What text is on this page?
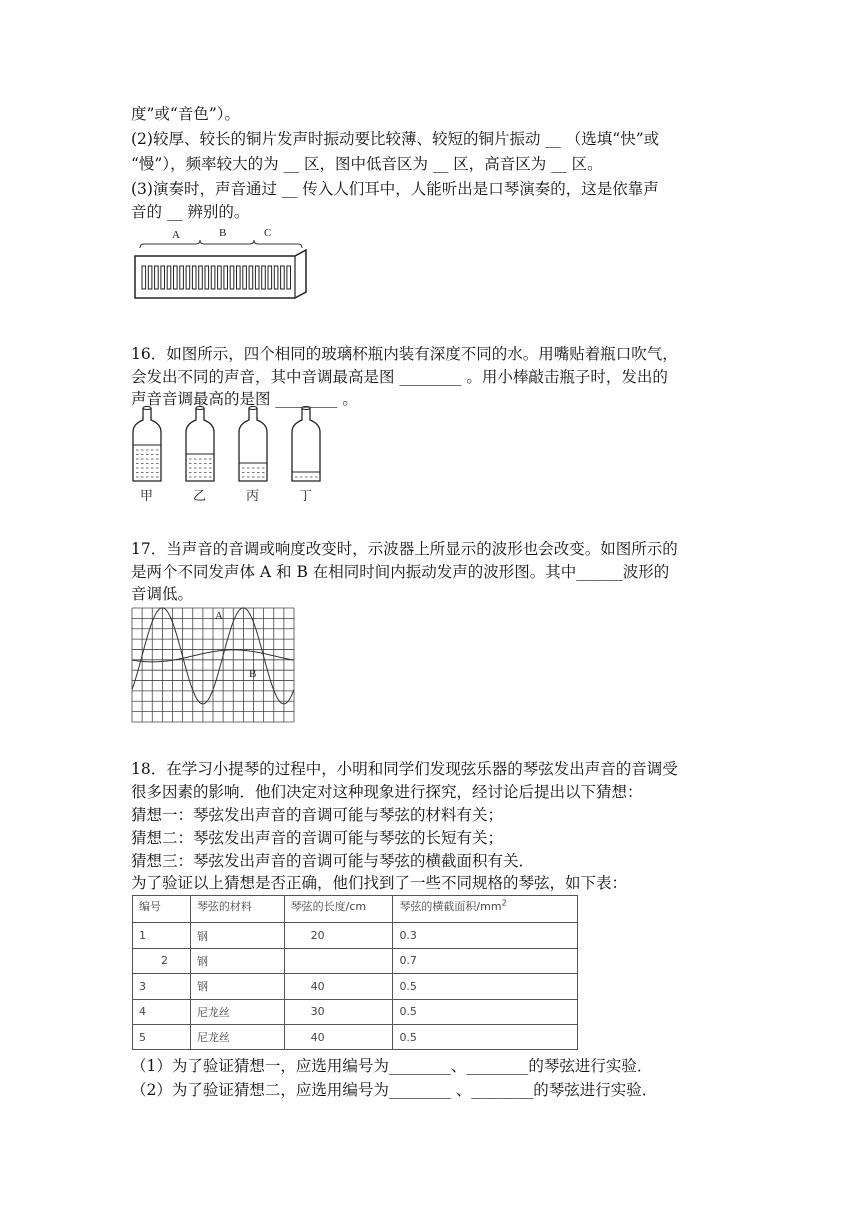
度”或“音色”）。
(2)较厚、较长的铜片发声时振动要比较薄、较短的铜片振动 __ （选填“快”或
“慢”），频率较大的为 __ 区，图中低音区为 __ 区，高音区为 __ 区。
(3)演奏时，声音通过 __ 传入人们耳中，人能听出是口琴演奏的，这是依靠声
音的 __ 辨别的。
A	B	C
16．如图所示，四个相同的玻璃杯瓶内装有深度不同的水。用嘴贴着瓶口吹气，
会发出不同的声音，其中音调最高是图 ________ 。用小棒敲击瓶子时，发出的
声音音调最高的是图 ________ 。
甲	乙	丙	丁
17．当声音的音调或响度改变时，示波器上所显示的波形也会改变。如图所示的
是两个不同发声体 A 和 B 在相同时间内振动发声的波形图。其中______波形的
音调低。
A
B
18．在学习小提琴的过程中，小明和同学们发现弦乐器的琴弦发出声音的音调受
很多因素的影响．他们决定对这种现象进行探究，经讨论后提出以下猜想：
猜想一：琴弦发出声音的音调可能与琴弦的材料有关；
猜想二：琴弦发出声音的音调可能与琴弦的长短有关；
猜想三：琴弦发出声音的音调可能与琴弦的横截面积有关．
为了验证以上猜想是否正确，他们找到了一些不同规格的琴弦，如下表：
编号	琴弦的材料	琴弦的长度/cm	琴弦的横截面积$/mm^2$
1	钢	20	0.3
2	钢		0.7
3	钢	40	0.5
4	尼龙丝	30	0.5
5	尼龙丝	40	0.5
（1）为了验证猜想一，应选用编号为________、________的琴弦进行实验．
（2）为了验证猜想二，应选用编号为________ 、________的琴弦进行实验．
